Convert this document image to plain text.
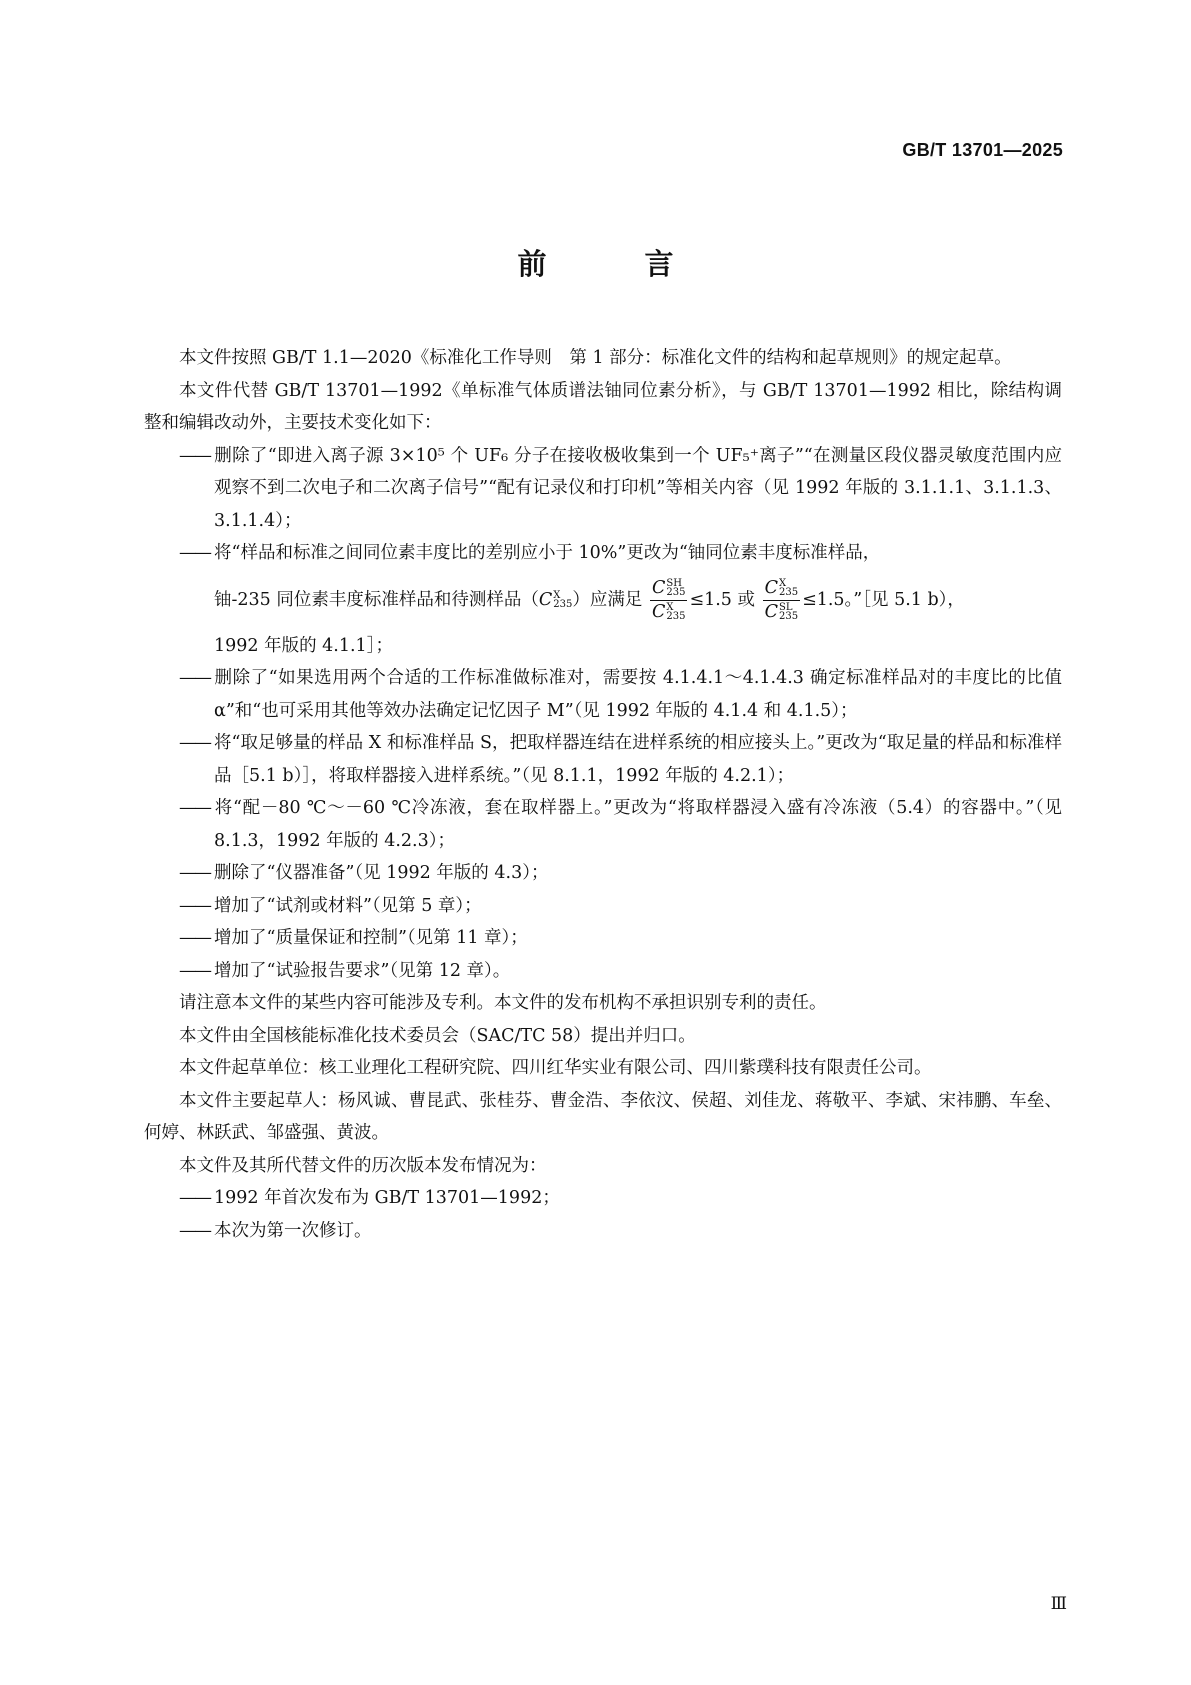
GB/T 13701—2025
前 言

本文件按照 GB/T 1.1—2020《标准化工作导则　第 1 部分：标准化文件的结构和起草规则》的规定起草。

本文件代替 GB/T 13701—1992《单标准气体质谱法铀同位素分析》，与 GB/T 13701—1992 相比，除结构调整和编辑改动外，主要技术变化如下：

—— 删除了“即进入离子源 3×10⁵ 个 UF₆ 分子在接收极收集到一个 UF₅⁺离子”“在测量区段仪器灵敏度范围内应观察不到二次电子和二次离子信号”“配有记录仪和打印机”等相关内容（见 1992 年版的 3.1.1.1、3.1.1.3、3.1.1.4）；

—— 将“样品和标准之间同位素丰度比的差别应小于 10%”更改为“铀同位素丰度标准样品，

铀-235 同位素丰度标准样品和待测样品（C X
235 ）应满足 C SH
235
C X
235 ≤1.5 或 C X
235
C SL
235 ≤1.5。”［见 5.1 b），

1992 年版的 4.1.1］；

—— 删除了“如果选用两个合适的工作标准做标准对，需要按 4.1.4.1～4.1.4.3 确定标准样品对的丰度比的比值 α”和“也可采用其他等效办法确定记忆因子 M”（见 1992 年版的 4.1.4 和 4.1.5）；

—— 将“取足够量的样品 X 和标准样品 S，把取样器连结在进样系统的相应接头上。”更改为“取足量的样品和标准样品［5.1 b）］，将取样器接入进样系统。”（见 8.1.1，1992 年版的 4.2.1）；

—— 将“配－80 ℃～－60 ℃冷冻液，套在取样器上。”更改为“将取样器浸入盛有冷冻液（5.4）的容器中。”（见 8.1.3，1992 年版的 4.2.3）；

—— 删除了“仪器准备”（见 1992 年版的 4.3）；

—— 增加了“试剂或材料”（见第 5 章）；

—— 增加了“质量保证和控制”（见第 11 章）；

—— 增加了“试验报告要求”（见第 12 章）。

请注意本文件的某些内容可能涉及专利。本文件的发布机构不承担识别专利的责任。

本文件由全国核能标准化技术委员会（SAC/TC 58）提出并归口。

本文件起草单位：核工业理化工程研究院、四川红华实业有限公司、四川紫璞科技有限责任公司。

本文件主要起草人：杨风诚、曹昆武、张桂芬、曹金浩、李依汶、侯超、刘佳龙、蒋敬平、李斌、宋祎鹏、车垒、何婷、林跃武、邹盛强、黄波。

本文件及其所代替文件的历次版本发布情况为：

—— 1992 年首次发布为 GB/T 13701—1992；

—— 本次为第一次修订。

Ⅲ
